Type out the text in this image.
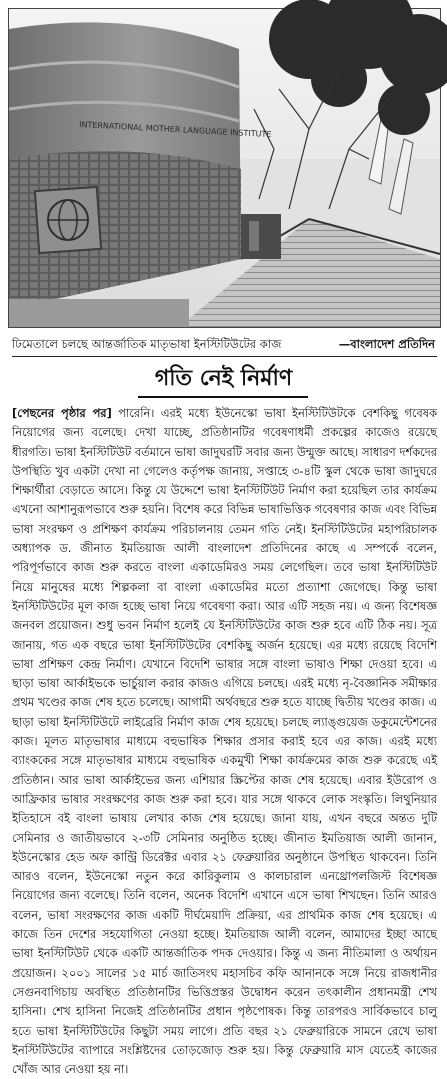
INTERNATIONAL MOTHER LANGUAGE INSTITUTE
ঢিমেতালে চলছে আন্তর্জাতিক মাতৃভাষা ইনস্টিটিউটের কাজ	—বাংলাদেশ প্রতিদিন
গতি নেই নির্মাণ
[পেছনের পৃষ্ঠার পর] পারেনি। এরই মধ্যে ইউনেস্কো ভাষা ইনস্টিটিউটকে বেশকিছু গবেষক নিয়োগের জন্য বলেছে। দেখা যাচ্ছে, প্রতিষ্ঠানটির গবেষণাধর্মী প্রকল্পের কাজেও রয়েছে ধীরগতি। ভাষা ইনস্টিটিউট বর্তমানে ভাষা জাদুঘরটি সবার জন্য উন্মুক্ত আছে। সাধারণ দর্শকদের উপস্থিতি খুব একটা দেখা না গেলেও কর্তৃপক্ষ জানায়, সপ্তাহে ৩-৪টি স্কুল থেকে ভাষা জাদুঘরে শিক্ষার্থীরা বেড়াতে আসে। কিন্তু যে উদ্দেশে ভাষা ইনস্টিটিউট নির্মাণ করা হয়েছিল তার কার্যক্রম এখনো আশানুরূপভাবে শুরু হয়নি। বিশেষ করে বিভিন্ন ভাষাভিত্তিক গবেষণার কাজ এবং বিভিন্ন ভাষা সংরক্ষণ ও প্রশিক্ষণ কার্যক্রম পরিচালনায় তেমন গতি নেই। ইনস্টিটিউটের মহাপরিচালক অধ্যাপক ড. জীনাত ইমতিয়াজ আলী বাংলাদেশ প্রতিদিনের কাছে এ সম্পর্কে বলেন, পরিপূর্ণভাবে কাজ শুরু করতে বাংলা একাডেমিরও সময় লেগেছিল। তবে ভাষা ইনস্টিটিউট নিয়ে মানুষের মধ্যে শিল্পকলা বা বাংলা একাডেমির মতো প্রত্যাশা জেগেছে। কিন্তু ভাষা ইনস্টিটিউটের মূল কাজ হচ্ছে ভাষা নিয়ে গবেষণা করা। আর এটি সহজ নয়। এ জন্য বিশেষজ্ঞ জনবল প্রয়োজন। শুধু ভবন নির্মাণ হলেই যে ইনস্টিটিউটের কাজ শুরু হবে এটি ঠিক নয়। সূত্র জানায়, গত এক বছরে ভাষা ইনস্টিটিউটের বেশকিছু অর্জন হয়েছে। এর মধ্যে রয়েছে বিদেশি ভাষা প্রশিক্ষণ কেন্দ্র নির্মাণ। যেখানে বিদেশি ভাষার সঙ্গে বাংলা ভাষাও শিক্ষা দেওয়া হবে। এ ছাড়া ভাষা আর্কাইভকে ভার্চুয়াল করার কাজও এগিয়ে চলছে। এরই মধ্যে নৃ-বৈজ্ঞানিক সমীক্ষার প্রথম খণ্ডের কাজ শেষ হতে চলেছে। আগামী অর্থবছরে শুরু হতে যাচ্ছে দ্বিতীয় খণ্ডের কাজ। এ ছাড়া ভাষা ইনস্টিটিউটে লাইব্রেরি নির্মাণ কাজ শেষ হয়েছে। চলছে ল্যাঙ্গুয়েজ ডকুমেন্টেশনের কাজ। মূলত মাতৃভাষার মাধ্যমে বহুভাষিক শিক্ষার প্রসার করাই হবে এর কাজ। এরই মধ্যে ব্যাংককের সঙ্গে মাতৃভাষার মাধ্যমে বহুভাষিক একমুখী শিক্ষা কার্যক্রমের কাজ শুরু করেছে এই প্রতিষ্ঠান। আর ভাষা আর্কাইভের জন্য এশিয়ার স্ক্রিপ্টের কাজ শেষ হয়েছে। এবার ইউরোপ ও আফ্রিকার ভাষার সংরক্ষণের কাজ শুরু করা হবে। যার সঙ্গে থাকবে লোক সংস্কৃতি। লিথুনিয়ার ইতিহাসে বই বাংলা ভাষায় লেখার কাজ শেষ হয়েছে। জানা যায়, এখন বছরে অন্তত দুটি সেমিনার ও জাতীয়ভাবে ২-৩টি সেমিনার অনুষ্ঠিত হচ্ছে। জীনাত ইমতিয়াজ আলী জানান, ইউনেস্কোর হেড অফ কান্ট্রি ডিরেক্টর এবার ২১ ফেব্রুয়ারির অনুষ্ঠানে উপস্থিত থাকবেন। তিনি আরও বলেন, ইউনেস্কো নতুন করে কারিকুলাম ও কালচারাল এনথ্রোপলজিস্ট বিশেষজ্ঞ নিয়োগের জন্য বলেছে। তিনি বলেন, অনেক বিদেশি এখানে এসে ভাষা শিখছেন। তিনি আরও বলেন, ভাষা সংরক্ষণের কাজ একটি দীর্ঘমেয়াদি প্রক্রিয়া, এর প্রাথমিক কাজ শেষ হয়েছে। এ কাজে তিন দেশের সহযোগিতা নেওয়া হচ্ছে। ইমতিয়াজ আলী বলেন, আমাদের ইচ্ছা আছে ভাষা ইনস্টিটিউট থেকে একটি আন্তর্জাতিক পদক দেওয়ার। কিন্তু এ জন্য নীতিমালা ও অর্থায়ন প্রয়োজন। ২০০১ সালের ১৫ মার্চ জাতিসংঘ মহাসচিব কফি আনানকে সঙ্গে নিয়ে রাজধানীর সেগুনবাগিচায় অবস্থিত প্রতিষ্ঠানটির ভিত্তিপ্রস্তর উদ্বোধন করেন তৎকালীন প্রধানমন্ত্রী শেখ হাসিনা। শেখ হাসিনা নিজেই প্রতিষ্ঠানটির প্রধান পৃষ্ঠপোষক। কিন্তু তারপরও সার্বিকভাবে চালু হতে ভাষা ইনস্টিটিউটের কিছুটা সময় লাগে। প্রতি বছর ২১ ফেব্রুয়ারিকে সামনে রেখে ভাষা ইনস্টিটিউটের ব্যাপারে সংশ্লিষ্টদের তোড়জোড় শুরু হয়। কিন্তু ফেব্রুয়ারি মাস যেতেই কাজের খোঁজ আর নেওয়া হয় না।
